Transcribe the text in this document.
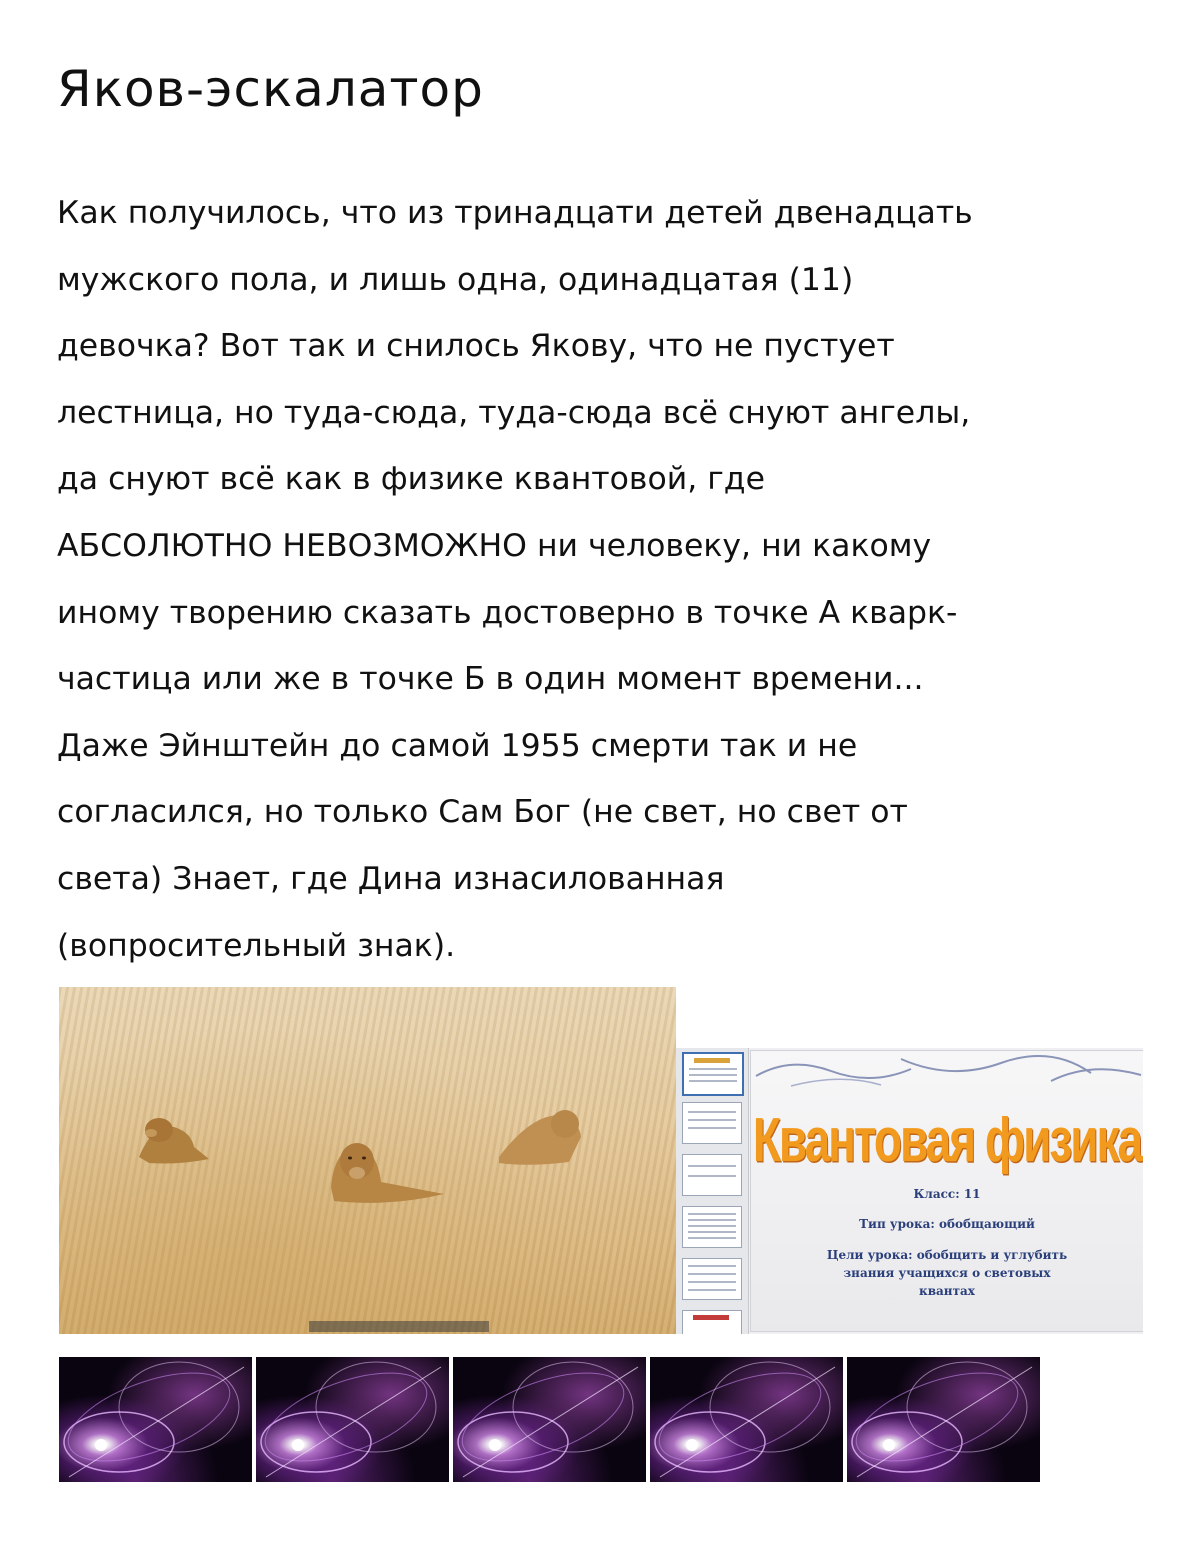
Яков-эскалатор
Как получилось, что из тринадцати детей двенадцать
мужского пола, и лишь одна, одинадцатая (11)
девочка? Вот так и снилось Якову, что не пустует
лестница, но туда-сюда, туда-сюда всё снуют ангелы,
да снуют всё как в физике квантовой, где
АБСОЛЮТНО НЕВОЗМОЖНО ни человеку, ни какому
иному творению сказать достоверно в точке А кварк-
частица или же в точке Б в один момент времени...
Даже Эйнштейн до самой 1955 смерти так и не
согласился, но только Сам Бог (не свет, но свет от
света) Знает, где Дина изнасилованная
(вопросительный знак).
Квантовая физика
Класс: 11
Тип урока: обобщающий
Цели урока: обобщить и углубить
знания учащихся о световых
квантах
